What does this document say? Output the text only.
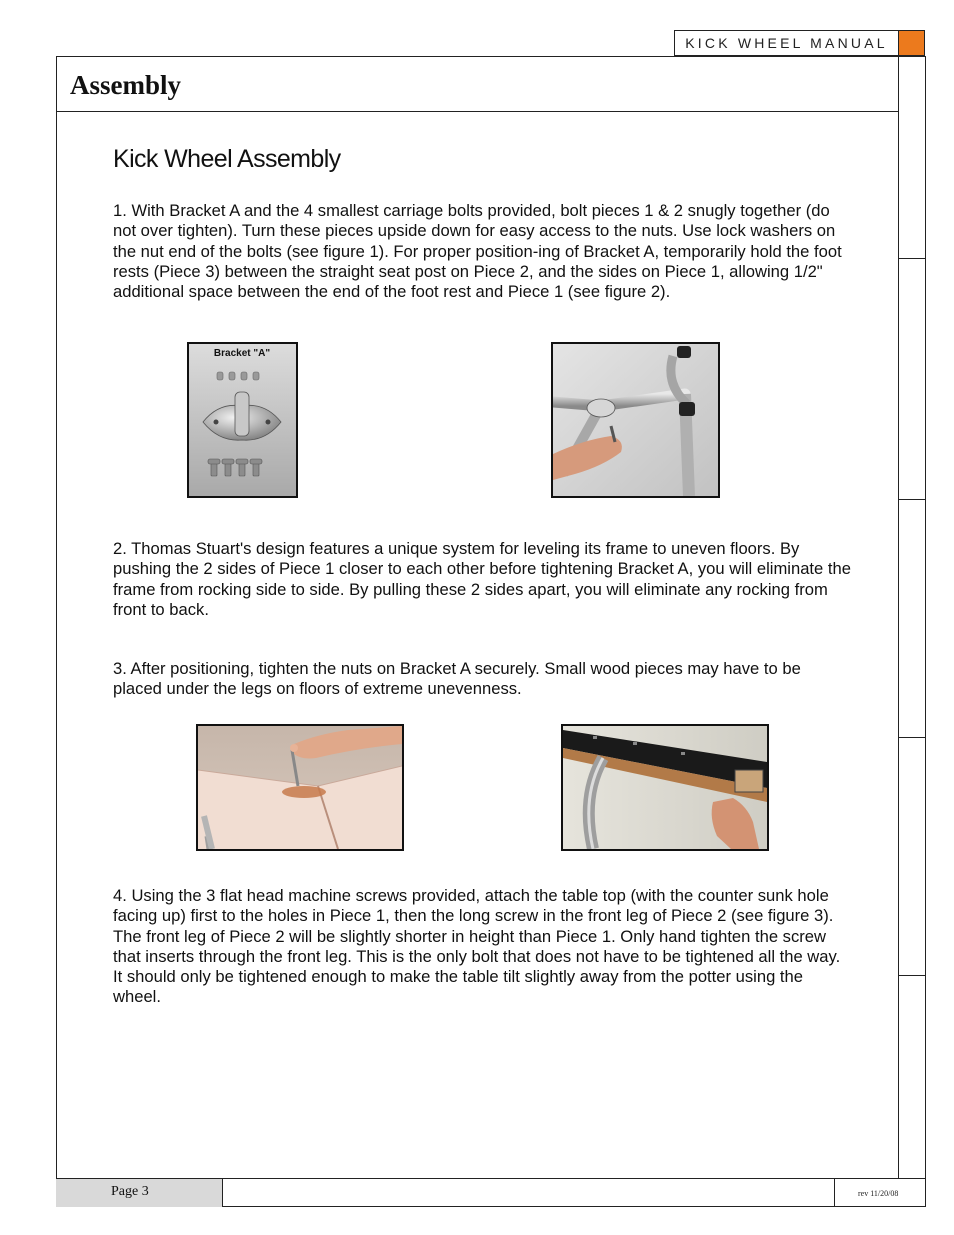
KICK WHEEL MANUAL
Assembly
Kick Wheel Assembly

1. With Bracket A and the 4 smallest carriage bolts provided, bolt pieces 1 & 2 snugly together (do not over tighten). Turn these pieces upside down for easy access to the nuts. Use lock washers on the nut end of the bolts (see figure 1). For proper position-ing of Bracket A, temporarily hold the foot rests (Piece 3) between the straight seat post on Piece 2, and the sides on Piece 1, allowing 1/2" additional space between the end of the foot rest and Piece 1 (see figure 2).

Bracket "A"

2. Thomas Stuart's design features a unique system for leveling its frame to uneven floors. By pushing the 2 sides of Piece 1 closer to each other before tightening Bracket A, you will eliminate the frame from rocking side to side. By pulling these 2 sides apart, you will eliminate any rocking from front to back.

3. After positioning, tighten the nuts on Bracket A securely. Small wood pieces may have to be placed under the legs on floors of extreme unevenness.

4. Using the 3 flat head machine screws provided, attach the table top (with the counter sunk hole facing up) first to the holes in Piece 1, then the long screw in the front leg of Piece 2 (see figure 3). The front leg of Piece 2 will be slightly shorter in height than Piece 1. Only hand tighten the screw that inserts through the front leg. This is the only bolt that does not have to be tightened all the way. It should only be tightened enough to make the table tilt slightly away from the potter using the wheel.

Page 3	rev 11/20/08
